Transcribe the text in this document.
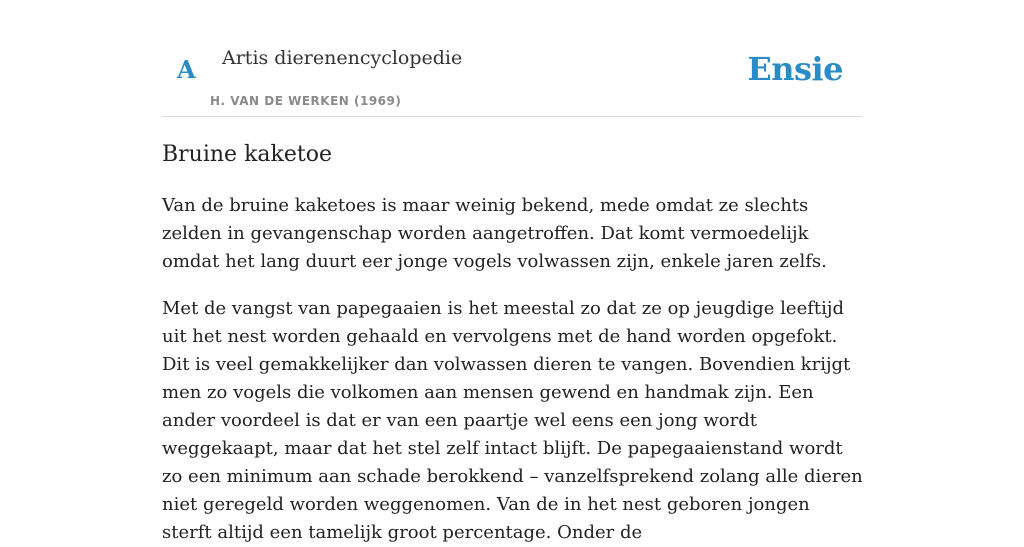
A Artis dierenencyclopedie
H. VAN DE WERKEN (1969)
Ensie
Bruine kaketoe

Van de bruine kaketoes is maar weinig bekend, mede omdat ze slechts zelden in gevangenschap worden aangetroffen. Dat komt vermoedelijk omdat het lang duurt eer jonge vogels volwassen zijn, enkele jaren zelfs.

Met de vangst van papegaaien is het meestal zo dat ze op jeugdige leeftijd uit het nest worden gehaald en vervolgens met de hand worden opgefokt. Dit is veel gemakkelijker dan volwassen dieren te vangen. Bovendien krijgt men zo vogels die volkomen aan mensen gewend en handmak zijn. Een ander voordeel is dat er van een paartje wel eens een jong wordt weggekaapt, maar dat het stel zelf intact blijft. De papegaaienstand wordt zo een minimum aan schade berokkend – vanzelfsprekend zolang alle dieren niet geregeld worden weggenomen. Van de in het nest geboren jongen sterft altijd een tamelijk groot percentage. Onder de
